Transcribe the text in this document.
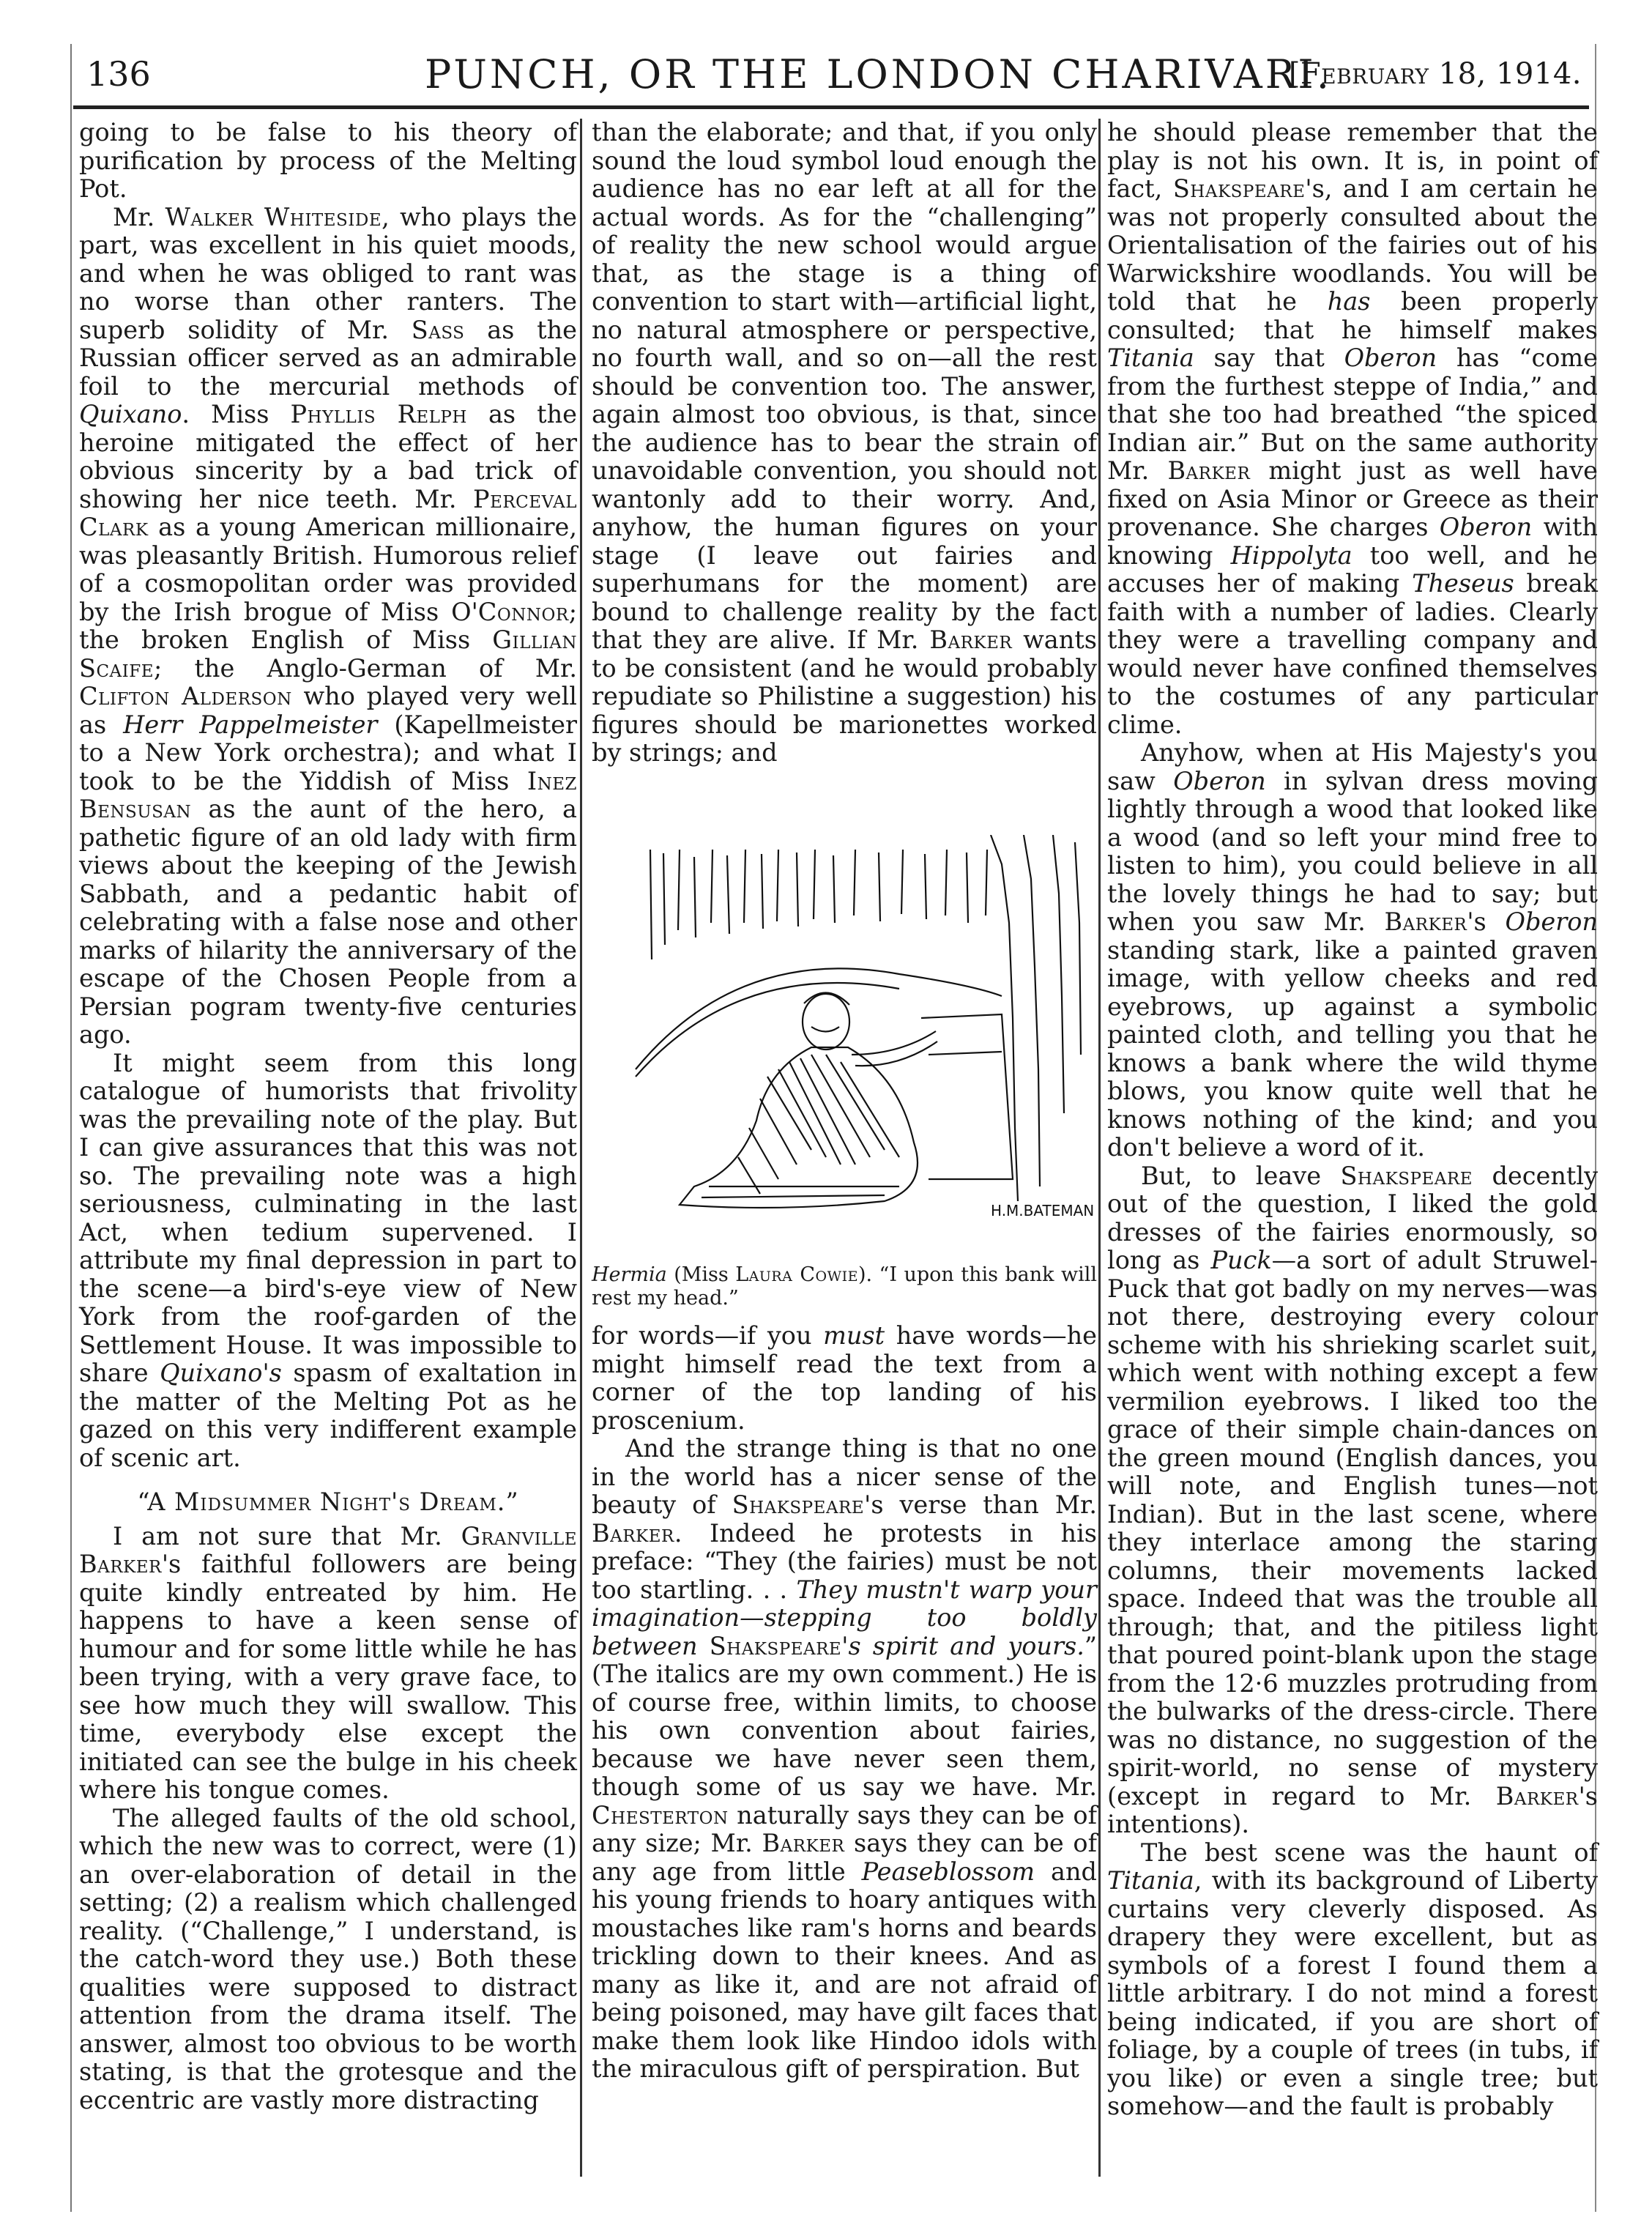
136	PUNCH, OR THE LONDON CHARIVARI.
[February 18, 1914.

going to be false to his theory of purification by process of the Melting Pot.

Mr. Walker Whiteside, who plays the part, was excellent in his quiet moods, and when he was obliged to rant was no worse than other ranters. The superb solidity of Mr. Sass as the Russian officer served as an admirable foil to the mercurial methods of Quixano. Miss Phyllis Relph as the heroine mitigated the effect of her obvious sincerity by a bad trick of showing her nice teeth. Mr. Perceval Clark as a young American millionaire, was pleasantly British. Humorous relief of a cosmopolitan order was provided by the Irish brogue of Miss O'Connor; the broken English of Miss Gillian Scaife; the Anglo-German of Mr. Clifton Alderson who played very well as Herr Pappelmeister (Kapellmeister to a New York orchestra); and what I took to be the Yiddish of Miss Inez Bensusan as the aunt of the hero, a pathetic figure of an old lady with firm views about the keeping of the Jewish Sabbath, and a pedantic habit of celebrating with a false nose and other marks of hilarity the anniversary of the escape of the Chosen People from a Persian pogram twenty-five centuries ago.

It might seem from this long catalogue of humorists that frivolity was the prevailing note of the play. But I can give assurances that this was not so. The prevailing note was a high seriousness, culminating in the last Act, when tedium supervened. I attribute my final depression in part to the scene—a bird's-eye view of New York from the roof-garden of the Settlement House. It was impossible to share Quixano's spasm of exaltation in the matter of the Melting Pot as he gazed on this very indifferent example of scenic art.

“A Midsummer Night's Dream.”

I am not sure that Mr. Granville Barker's faithful followers are being quite kindly entreated by him. He happens to have a keen sense of humour and for some little while he has been trying, with a very grave face, to see how much they will swallow. This time, everybody else except the initiated can see the bulge in his cheek where his tongue comes.

The alleged faults of the old school, which the new was to correct, were (1) an over-elaboration of detail in the setting; (2) a realism which challenged reality. (“Challenge,” I understand, is the catch-word they use.) Both these qualities were supposed to distract attention from the drama itself. The answer, almost too obvious to be worth stating, is that the grotesque and the eccentric are vastly more distracting

than the elaborate; and that, if you only sound the loud symbol loud enough the audience has no ear left at all for the actual words. As for the “challenging” of reality the new school would argue that, as the stage is a thing of convention to start with—artificial light, no natural atmosphere or perspective, no fourth wall, and so on—all the rest should be convention too. The answer, again almost too obvious, is that, since the audience has to bear the strain of unavoidable convention, you should not wantonly add to their worry. And, anyhow, the human figures on your stage (I leave out fairies and superhumans for the moment) are bound to challenge reality by the fact that they are alive. If Mr. Barker wants to be consistent (and he would probably repudiate so Philistine a suggestion) his figures should be marionettes worked by strings; and

H.M.BATEMAN
Hermia (Miss Laura Cowie). “I upon this bank will rest my head.”

for words—if you must have words—he might himself read the text from a corner of the top landing of his proscenium.

And the strange thing is that no one in the world has a nicer sense of the beauty of Shakspeare's verse than Mr. Barker. Indeed he protests in his preface: “They (the fairies) must be not too startling. . . They mustn't warp your imagination—stepping too boldly between Shakspeare's spirit and yours.” (The italics are my own comment.) He is of course free, within limits, to choose his own convention about fairies, because we have never seen them, though some of us say we have. Mr. Chesterton naturally says they can be of any size; Mr. Barker says they can be of any age from little Peaseblossom and his young friends to hoary antiques with moustaches like ram's horns and beards trickling down to their knees. And as many as like it, and are not afraid of being poisoned, may have gilt faces that make them look like Hindoo idols with the miraculous gift of perspiration. But

he should please remember that the play is not his own. It is, in point of fact, Shakspeare's, and I am certain he was not properly consulted about the Orientalisation of the fairies out of his Warwickshire woodlands. You will be told that he has been properly consulted; that he himself makes Titania say that Oberon has “come from the furthest steppe of India,” and that she too had breathed “the spiced Indian air.” But on the same authority Mr. Barker might just as well have fixed on Asia Minor or Greece as their provenance. She charges Oberon with knowing Hippolyta too well, and he accuses her of making Theseus break faith with a number of ladies. Clearly they were a travelling company and would never have confined themselves to the costumes of any particular clime.

Anyhow, when at His Majesty's you saw Oberon in sylvan dress moving lightly through a wood that looked like a wood (and so left your mind free to listen to him), you could believe in all the lovely things he had to say; but when you saw Mr. Barker's Oberon standing stark, like a painted graven image, with yellow cheeks and red eyebrows, up against a symbolic painted cloth, and telling you that he knows a bank where the wild thyme blows, you know quite well that he knows nothing of the kind; and you don't believe a word of it.

But, to leave Shakspeare decently out of the question, I liked the gold dresses of the fairies enormously, so long as Puck—a sort of adult Struwel-Puck that got badly on my nerves—was not there, destroying every colour scheme with his shrieking scarlet suit, which went with nothing except a few vermilion eyebrows. I liked too the grace of their simple chain-dances on the green mound (English dances, you will note, and English tunes—not Indian). But in the last scene, where they interlace among the staring columns, their movements lacked space. Indeed that was the trouble all through; that, and the pitiless light that poured point-blank upon the stage from the 12·6 muzzles protruding from the bulwarks of the dress-circle. There was no distance, no suggestion of the spirit-world, no sense of mystery (except in regard to Mr. Barker's intentions).

The best scene was the haunt of Titania, with its background of Liberty curtains very cleverly disposed. As drapery they were excellent, but as symbols of a forest I found them a little arbitrary. I do not mind a forest being indicated, if you are short of foliage, by a couple of trees (in tubs, if you like) or even a single tree; but somehow—and the fault is probably
